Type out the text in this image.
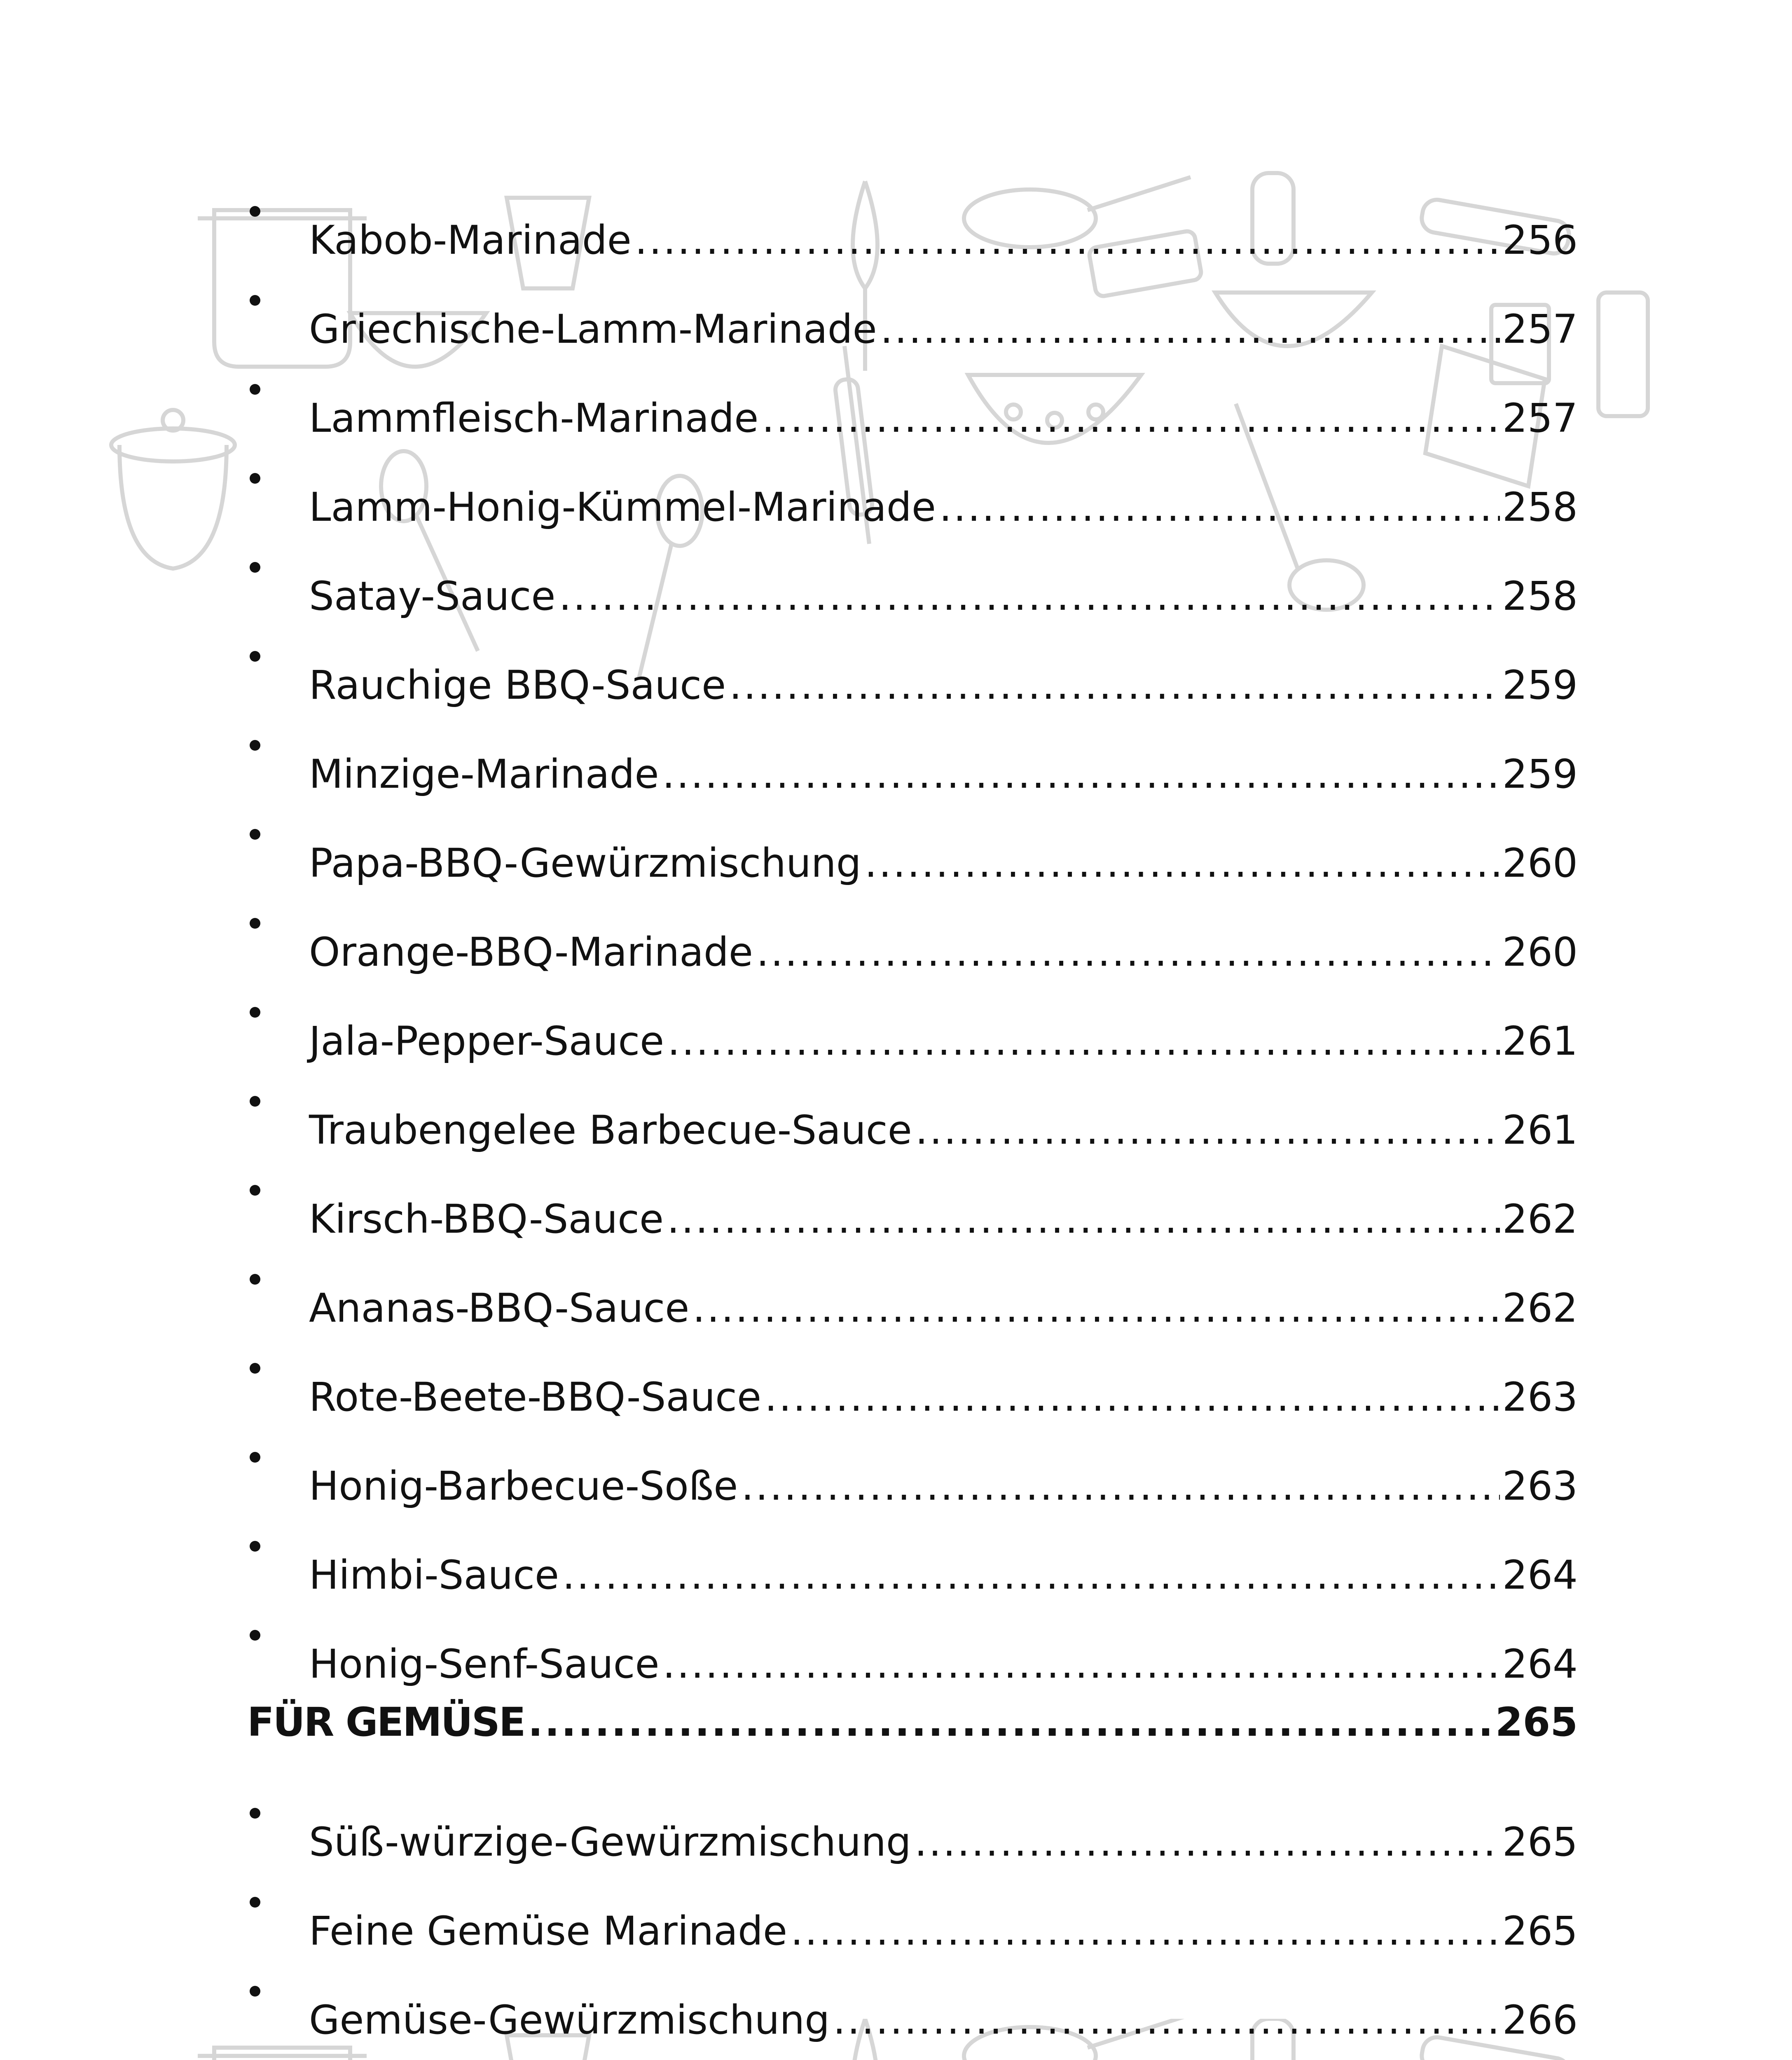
Kabob-Marinade .....	256
Griechische-Lamm-Marinade .....	257
Lammfleisch-Marinade .....	257
Lamm-Honig-Kümmel-Marinade .....	258
Satay-Sauce .....	258
Rauchige BBQ-Sauce .....	259
Minzige-Marinade .....	259
Papa-BBQ-Gewürzmischung .....	260
Orange-BBQ-Marinade .....	260
Jala-Pepper-Sauce .....	261
Traubengelee Barbecue-Sauce .....	261
Kirsch-BBQ-Sauce .....	262
Ananas-BBQ-Sauce .....	262
Rote-Beete-BBQ-Sauce .....	263
Honig-Barbecue-Soße .....	263
Himbi-Sauce .....	264
Honig-Senf-Sauce .....	264
FÜR GEMÜSE .....	265
Süß-würzige-Gewürzmischung .....	265
Feine Gemüse Marinade .....	265
Gemüse-Gewürzmischung .....	266
